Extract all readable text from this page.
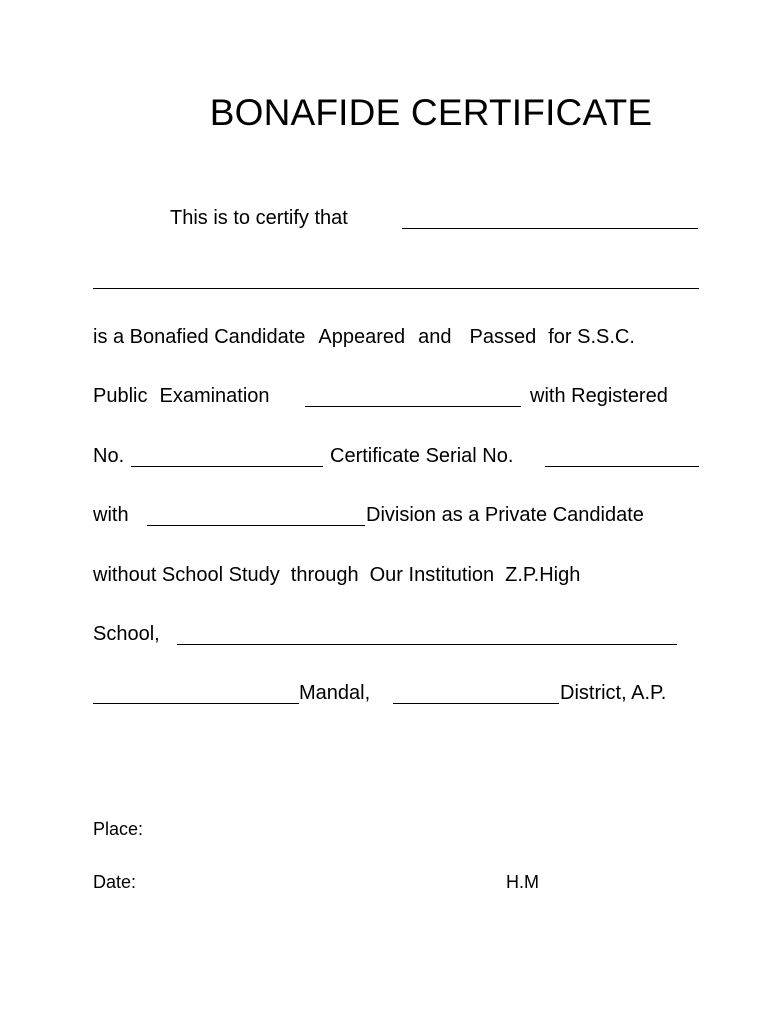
BONAFIDE CERTIFICATE
This is to certify that
is a Bonafied Candidate Appeared and Passed for S.S.C.
Public Examination	with Registered
No.	Certificate Serial No.
with	Division as a Private Candidate
without School Study through Our Institution Z.P.High
School,
Mandal,	District, A.P.
Place:
Date:	H.M
